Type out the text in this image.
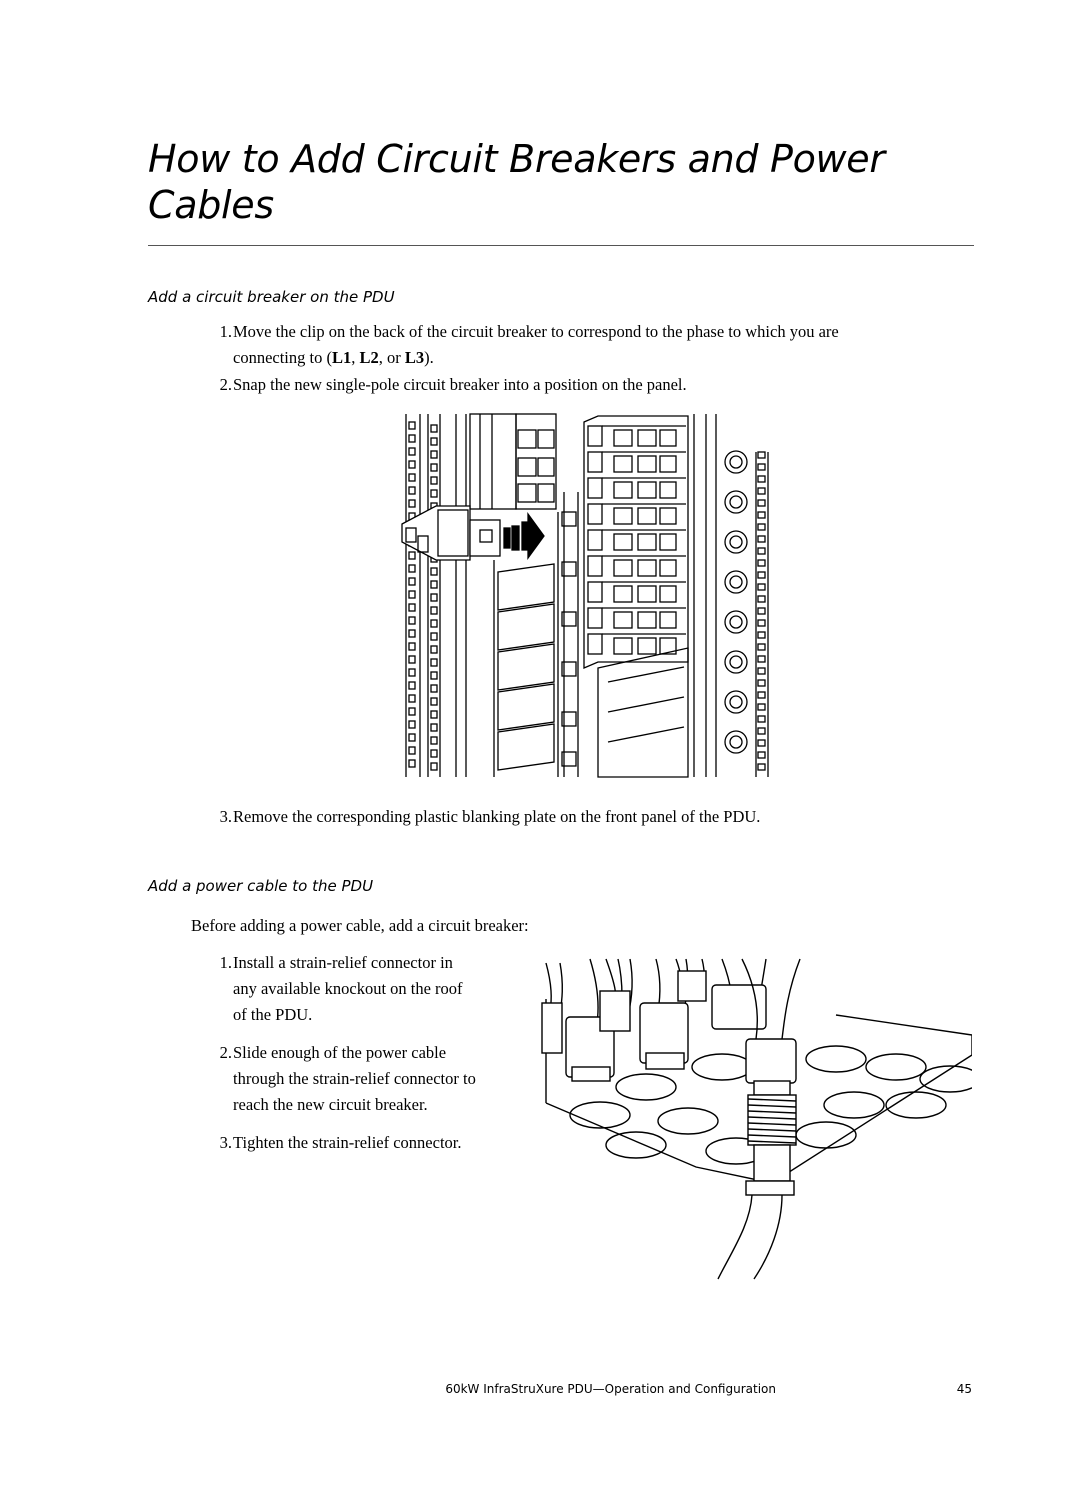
How to Add Circuit Breakers and Power Cables
Add a circuit breaker on the PDU
1. Move the clip on the back of the circuit breaker to correspond to the phase to which you are
connecting to (L1, L2, or L3).
2. Snap the new single-pole circuit breaker into a position on the panel.
3. Remove the corresponding plastic blanking plate on the front panel of the PDU.
Add a power cable to the PDU
Before adding a power cable, add a circuit breaker:
1. Install a strain-relief connector in
any available knockout on the roof
of the PDU.
2. Slide enough of the power cable
through the strain-relief connector to
reach the new circuit breaker.
3. Tighten the strain-relief connector.
60kW InfraStruXure PDU—Operation and Configuration	45
